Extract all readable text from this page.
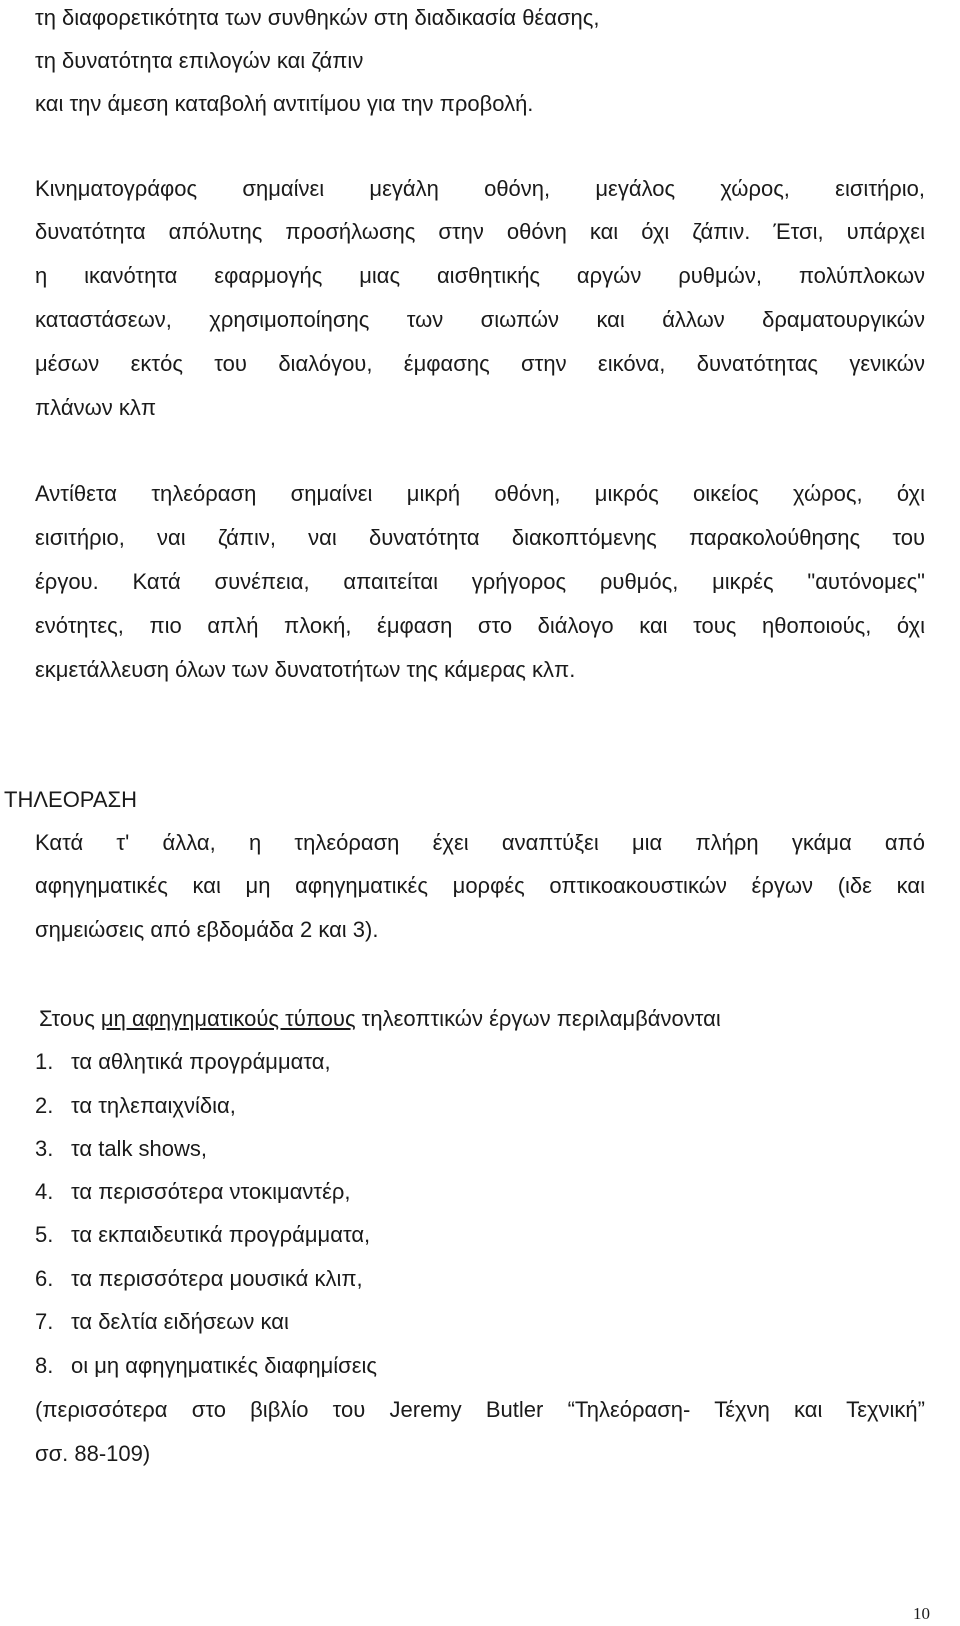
τη διαφορετικότητα των συνθηκών στη διαδικασία θέασης,
τη δυνατότητα επιλογών και ζάπιν
και την άμεση καταβολή αντιτίμου για την προβολή.
Κινηματογράφος σημαίνει μεγάλη οθόνη, μεγάλος χώρος, εισιτήριο,
δυνατότητα απόλυτης προσήλωσης στην οθόνη και όχι ζάπιν. Έτσι, υπάρχει
η ικανότητα εφαρμογής μιας αισθητικής αργών ρυθμών, πολύπλοκων
καταστάσεων, χρησιμοποίησης των σιωπών και άλλων δραματουργικών
μέσων εκτός του διαλόγου, έμφασης στην εικόνα, δυνατότητας γενικών
πλάνων κλπ
Αντίθετα τηλεόραση σημαίνει μικρή οθόνη, μικρός οικείος χώρος, όχι
εισιτήριο, ναι ζάπιν, ναι δυνατότητα διακοπτόμενης παρακολούθησης του
έργου. Κατά συνέπεια, απαιτείται γρήγορος ρυθμός, μικρές "αυτόνομες"
ενότητες, πιο απλή πλοκή, έμφαση στο διάλογο και τους ηθοποιούς, όχι
εκμετάλλευση όλων των δυνατοτήτων της κάμερας κλπ.
ΤΗΛΕΟΡΑΣΗ
Κατά τ' άλλα, η τηλεόραση έχει αναπτύξει μια πλήρη γκάμα από
αφηγηματικές και μη αφηγηματικές μορφές οπτικοακουστικών έργων (ιδε και
σημειώσεις από εβδομάδα 2 και 3).
Στους μη αφηγηματικούς τύπους τηλεοπτικών έργων περιλαμβάνονται
1. τα αθλητικά προγράμματα,
2. τα τηλεπαιχνίδια,
3. τα talk shows,
4. τα περισσότερα ντοκιμαντέρ,
5. τα εκπαιδευτικά προγράμματα,
6. τα περισσότερα μουσικά κλιπ,
7. τα δελτία ειδήσεων και
8. οι μη αφηγηματικές διαφημίσεις
(περισσότερα στο βιβλίο του Jeremy Butler “Τηλεόραση- Τέχνη και Τεχνική”
σσ. 88-109)
10
